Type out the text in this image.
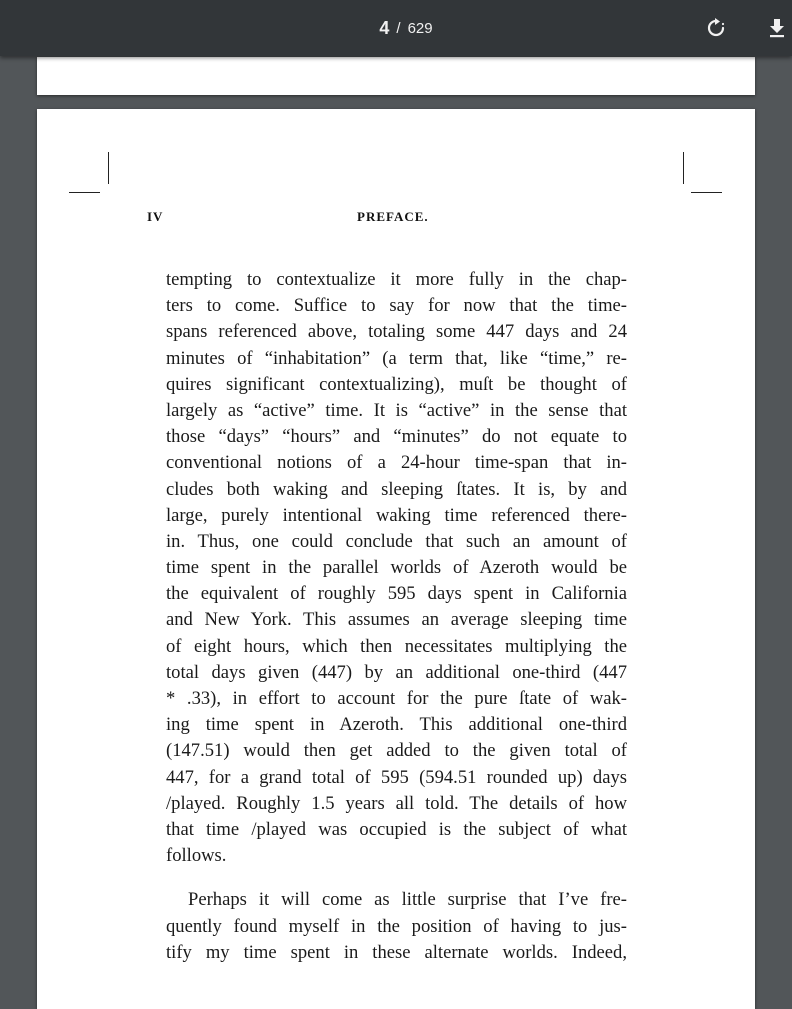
4 / 629
IV	PREFACE.
tempting to contextualize it more fully in the chap-
ters to come. Suffice to say for now that the time-
spans referenced above, totaling some 447 days and 24
minutes of “inhabitation” (a term that, like “time,” re-
quires significant contextualizing), muſt be thought of
largely as “active” time. It is “active” in the sense that
those “days” “hours” and “minutes” do not equate to
conventional notions of a 24-hour time-span that in-
cludes both waking and sleeping ſtates. It is, by and
large, purely intentional waking time referenced there-
in. Thus, one could conclude that such an amount of
time spent in the parallel worlds of Azeroth would be
the equivalent of roughly 595 days spent in California
and New York. This assumes an average sleeping time
of eight hours, which then necessitates multiplying the
total days given (447) by an additional one-third (447
* .33), in effort to account for the pure ſtate of wak-
ing time spent in Azeroth. This additional one-third
(147.51) would then get added to the given total of
447, for a grand total of 595 (594.51 rounded up) days
/played. Roughly 1.5 years all told. The details of how
that time /played was occupied is the subject of what
follows.
Perhaps it will come as little surprise that I’ve fre-
quently found myself in the position of having to jus-
tify my time spent in these alternate worlds. Indeed,
